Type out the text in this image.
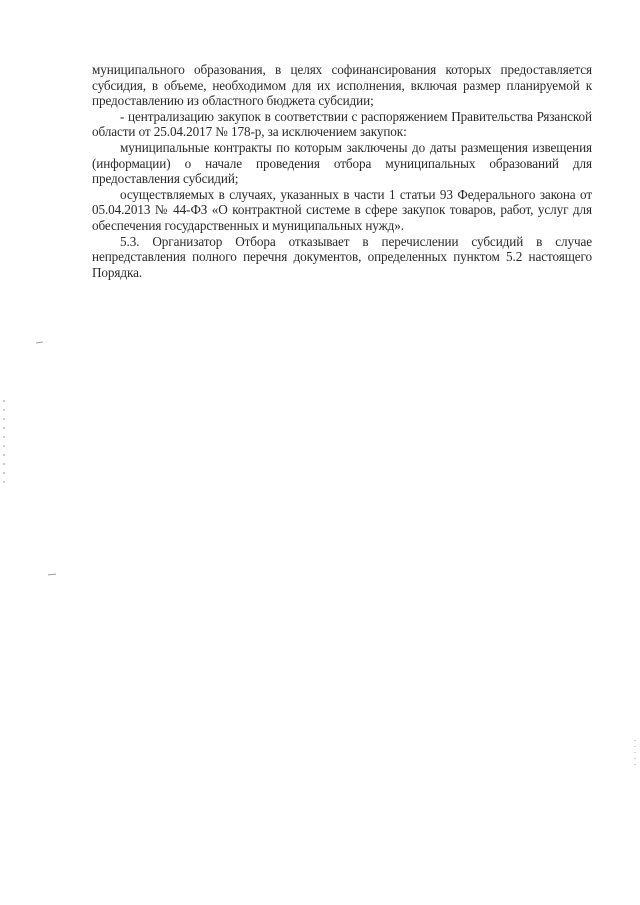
муниципального образования, в целях софинансирования которых предоставляется субсидия, в объеме, необходимом для их исполнения, включая размер планируемой к предоставлению из областного бюджета субсидии;

- централизацию закупок в соответствии с распоряжением Правительства Рязанской области от 25.04.2017 № 178-р, за исключением закупок:

муниципальные контракты по которым заключены до даты размещения извещения (информации) о начале проведения отбора муниципальных образований для предоставления субсидий;

осуществляемых в случаях, указанных в части 1 статьи 93 Федерального закона от 05.04.2013 № 44-ФЗ «О контрактной системе в сфере закупок товаров, работ, услуг для обеспечения государственных и муниципальных нужд».

5.3. Организатор Отбора отказывает в перечислении субсидий в случае непредставления полного перечня документов, определенных пунктом 5.2 настоящего Порядка.
